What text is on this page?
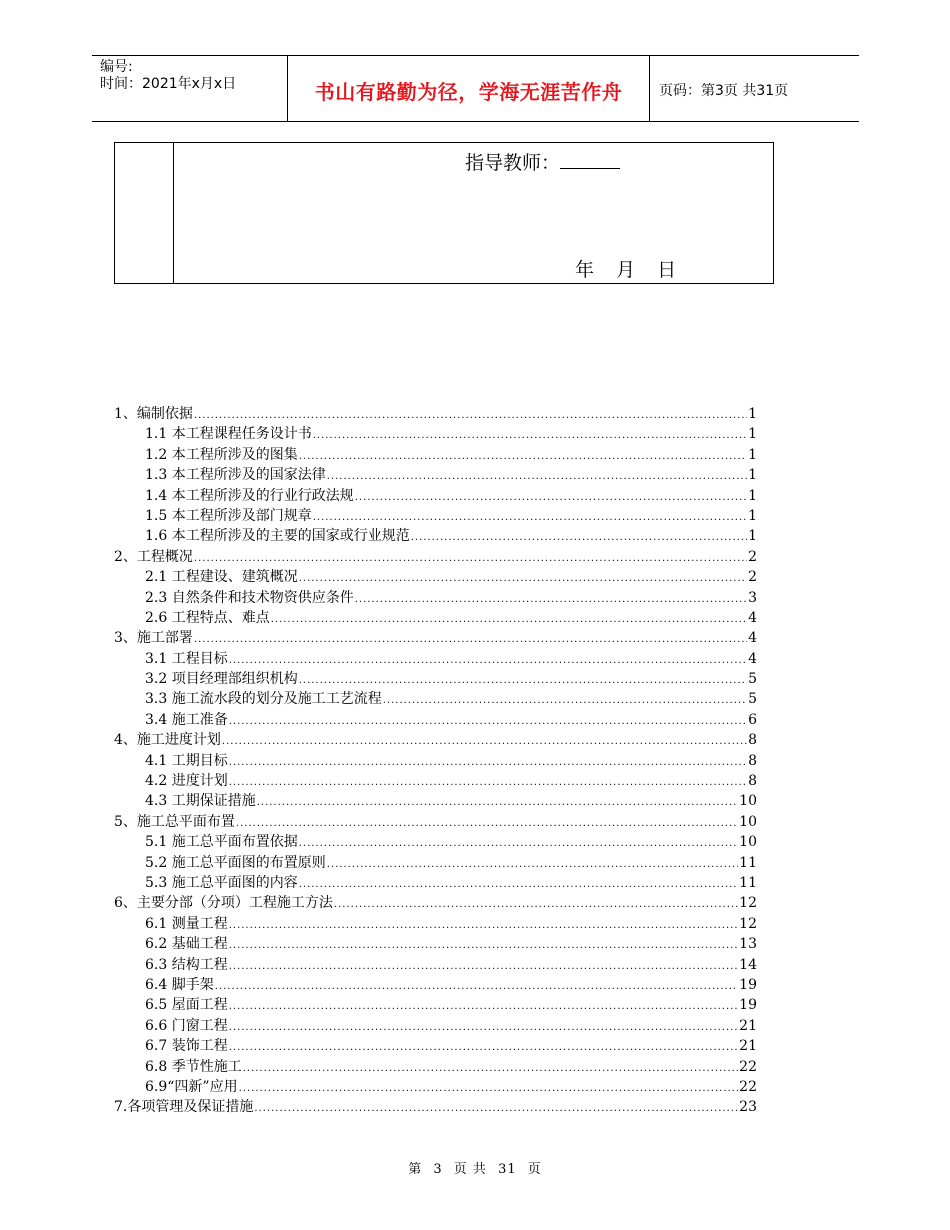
编号:
时间：2021年x月x日	书山有路勤为径，学海无涯苦作舟	页码：第3页 共31页
指导教师：
年 月 日
1、编制依据 .....	1
1.1 本工程课程任务设计书 .....	1
1.2 本工程所涉及的图集 .....	1
1.3 本工程所涉及的国家法律 .....	1
1.4 本工程所涉及的行业行政法规 .....	1
1.5 本工程所涉及部门规章 .....	1
1.6 本工程所涉及的主要的国家或行业规范 .....	1
2、工程概况 .....	2
2.1 工程建设、建筑概况 .....	2
2.3 自然条件和技术物资供应条件 .....	3
2.6 工程特点、难点 .....	4
3、施工部署 .....	4
3.1 工程目标 .....	4
3.2 项目经理部组织机构 .....	5
3.3 施工流水段的划分及施工工艺流程 .....	5
3.4 施工准备 .....	6
4、施工进度计划 .....	8
4.1 工期目标 .....	8
4.2 进度计划 .....	8
4.3 工期保证措施 .....	10
5、施工总平面布置 .....	10
5.1 施工总平面布置依据 .....	10
5.2 施工总平面图的布置原则 .....	11
5.3 施工总平面图的内容 .....	11
6、主要分部（分项）工程施工方法 .....	12
6.1 测量工程 .....	12
6.2 基础工程 .....	13
6.3 结构工程 .....	14
6.4 脚手架 .....	19
6.5 屋面工程 .....	19
6.6 门窗工程 .....	21
6.7 装饰工程 .....	21
6.8 季节性施工 .....	22
6.9“四新”应用 .....	22
7.各项管理及保证措施 .....	23
第 3 页 共 31 页
